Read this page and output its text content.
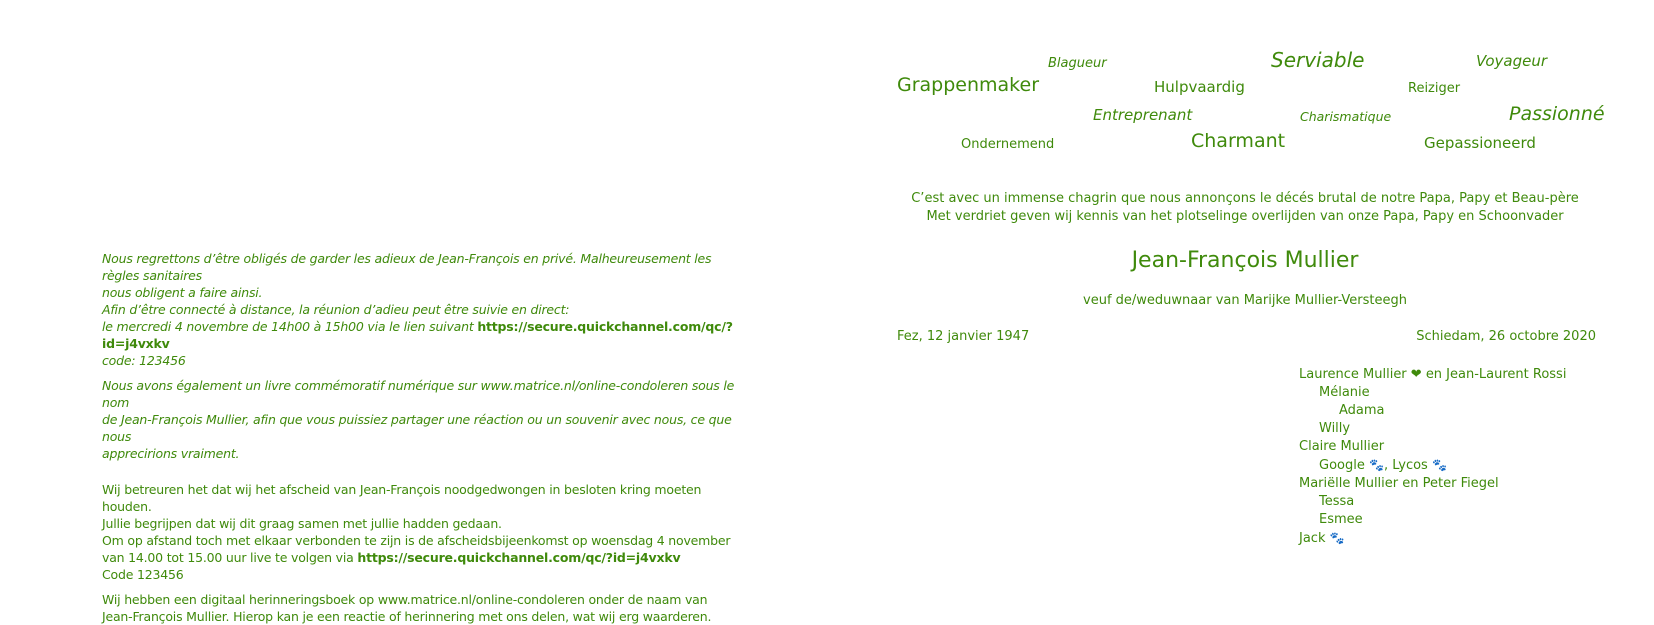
Nous regrettons d’être obligés de garder les adieux de Jean-François en privé. Malheureusement les règles sanitaires

nous obligent a faire ainsi.

Afin d’être connecté à distance, la réunion d’adieu peut être suivie en direct:

le mercredi 4 novembre de 14h00 à 15h00 via le lien suivant https://secure.quickchannel.com/qc/?id=j4vxkv

code: 123456

Nous avons également un livre commémoratif numérique sur www.matrice.nl/online-condoleren sous le nom

de Jean-François Mullier, afin que vous puissiez partager une réaction ou un souvenir avec nous, ce que nous

apprecirions vraiment.

Wij betreuren het dat wij het afscheid van Jean-François noodgedwongen in besloten kring moeten houden.

Jullie begrijpen dat wij dit graag samen met jullie hadden gedaan.

Om op afstand toch met elkaar verbonden te zijn is de afscheidsbijeenkomst op woensdag 4 november

van 14.00 tot 15.00 uur live te volgen via https://secure.quickchannel.com/qc/?id=j4vxkv

Code 123456

Wij hebben een digitaal herinneringsboek op www.matrice.nl/online-condoleren onder de naam van

Jean-François Mullier. Hierop kan je een reactie of herinnering met ons delen, wat wij erg waarderen.

Blagueur	Serviable	Voyageur
Grappenmaker	Hulpvaardig	Reiziger
Entreprenant	Charismatique	Passionné
Ondernemend	Charmant	Gepassioneerd
C’est avec un immense chagrin que nous annonçons le décés brutal de notre Papa, Papy et Beau-père
Met verdriet geven wij kennis van het plotselinge overlijden van onze Papa, Papy en Schoonvader
Jean-François Mullier
veuf de/weduwnaar van Marijke Mullier-Versteegh
Fez, 12 janvier 1947	Schiedam, 26 octobre 2020
Laurence Mullier ❤ en Jean-Laurent Rossi
Mélanie
Adama
Willy
Claire Mullier
Google 🐾, Lycos 🐾
Mariëlle Mullier en Peter Fiegel
Tessa
Esmee
Jack 🐾
